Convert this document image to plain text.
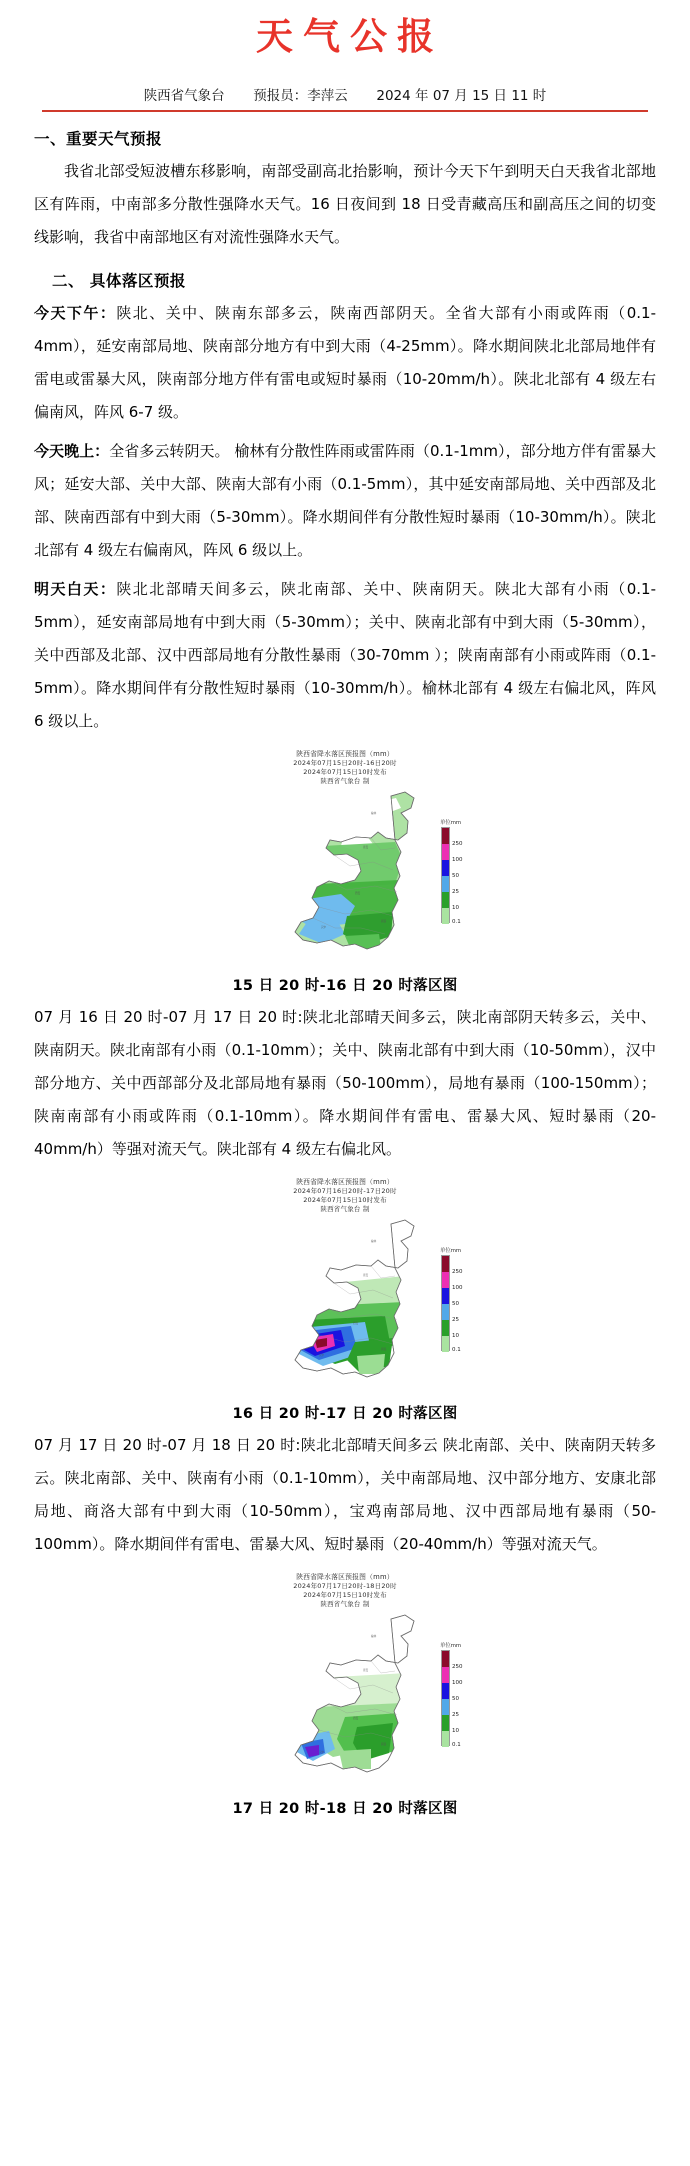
天气公报
陕西省气象台 预报员：李萍云 2024 年 07 月 15 日 11 时
一、重要天气预报

我省北部受短波槽东移影响，南部受副高北抬影响，预计今天下午到明天白天我省北部地区有阵雨，中南部多分散性强降水天气。16 日夜间到 18 日受青藏高压和副高压之间的切变线影响，我省中南部地区有对流性强降水天气。

二、 具体落区预报

今天下午：陕北、关中、陕南东部多云，陕南西部阴天。全省大部有小雨或阵雨（0.1-4mm），延安南部局地、陕南部分地方有中到大雨（4-25mm）。降水期间陕北北部局地伴有雷电或雷暴大风，陕南部分地方伴有雷电或短时暴雨（10-20mm/h）。陕北北部有 4 级左右偏南风，阵风 6-7 级。

今天晚上：全省多云转阴天。 榆林有分散性阵雨或雷阵雨（0.1-1mm），部分地方伴有雷暴大风；延安大部、关中大部、陕南大部有小雨（0.1-5mm），其中延安南部局地、关中西部及北部、陕南西部有中到大雨（5-30mm）。降水期间伴有分散性短时暴雨（10-30mm/h）。陕北北部有 4 级左右偏南风，阵风 6 级以上。

明天白天：陕北北部晴天间多云，陕北南部、关中、陕南阴天。陕北大部有小雨（0.1-5mm），延安南部局地有中到大雨（5-30mm）；关中、陕南北部有中到大雨（5-30mm），关中西部及北部、汉中西部局地有分散性暴雨（30-70mm ）；陕南南部有小雨或阵雨（0.1-5mm）。降水期间伴有分散性短时暴雨（10-30mm/h）。榆林北部有 4 级左右偏北风，阵风 6 级以上。

陕西省降水落区预报图（mm）
2024年07月15日20时-16日20时
2024年07月15日10时发布
陕西省气象台 制
榆林
延安
西安
商洛
汉中
单位mm
250
100
50
25
10
0.1
15 日 20 时-16 日 20 时落区图

07 月 16 日 20 时-07 月 17 日 20 时:陕北北部晴天间多云，陕北南部阴天转多云，关中、陕南阴天。陕北南部有小雨（0.1-10mm）；关中、陕南北部有中到大雨（10-50mm），汉中部分地方、关中西部部分及北部局地有暴雨（50-100mm），局地有暴雨（100-150mm）；陕南南部有小雨或阵雨（0.1-10mm）。降水期间伴有雷电、雷暴大风、短时暴雨（20-40mm/h）等强对流天气。陕北部有 4 级左右偏北风。

陕西省降水落区预报图（mm）
2024年07月16日20时-17日20时
2024年07月15日10时发布
陕西省气象台 制
榆林
延安
西安
商洛
汉中
单位mm
250
100
50
25
10
0.1
16 日 20 时-17 日 20 时落区图

07 月 17 日 20 时-07 月 18 日 20 时:陕北北部晴天间多云 陕北南部、关中、陕南阴天转多云。陕北南部、关中、陕南有小雨（0.1-10mm），关中南部局地、汉中部分地方、安康北部局地、商洛大部有中到大雨（10-50mm），宝鸡南部局地、汉中西部局地有暴雨（50-100mm）。降水期间伴有雷电、雷暴大风、短时暴雨（20-40mm/h）等强对流天气。

陕西省降水落区预报图（mm）
2024年07月17日20时-18日20时
2024年07月15日10时发布
陕西省气象台 制
榆林
延安
西安
商洛
汉中
单位mm
250
100
50
25
10
0.1
17 日 20 时-18 日 20 时落区图
